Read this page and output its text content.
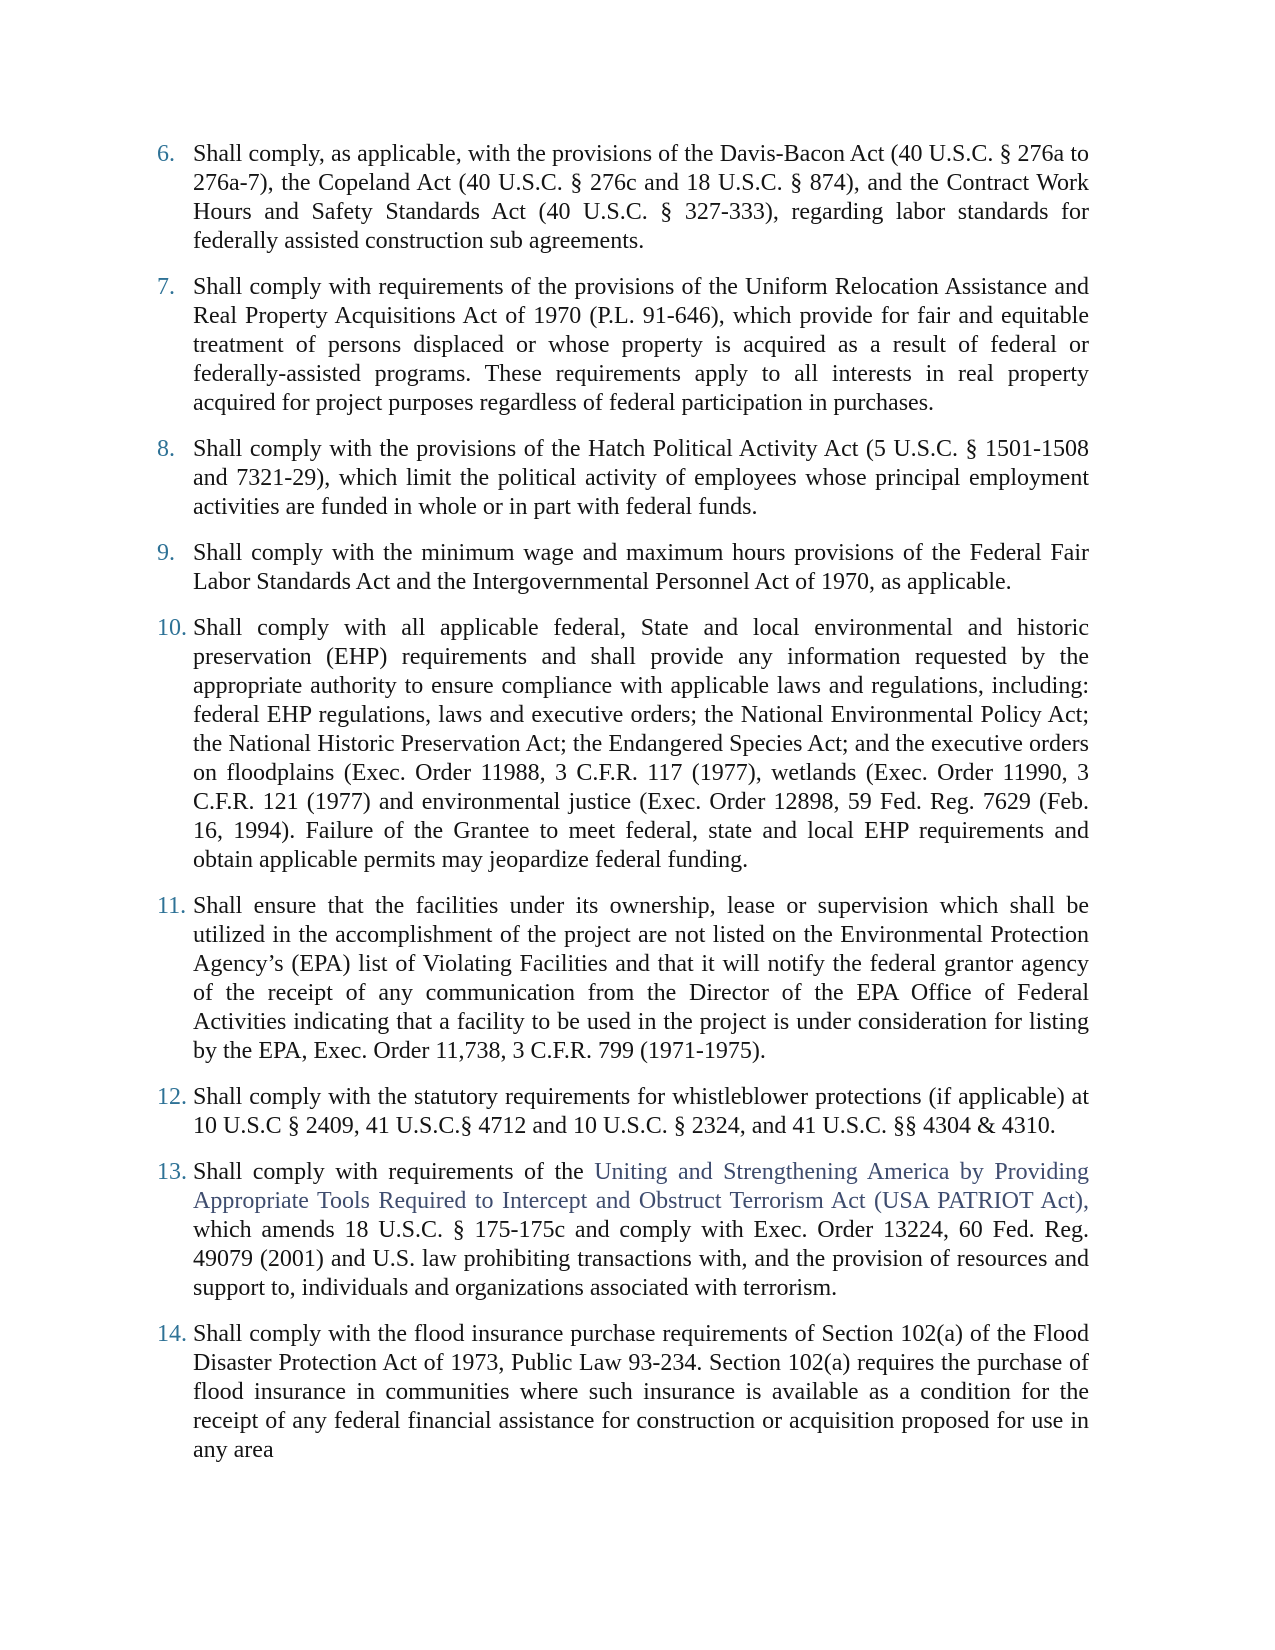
6. Shall comply, as applicable, with the provisions of the Davis-Bacon Act (40 U.S.C. § 276a to 276a-7), the Copeland Act (40 U.S.C. § 276c and 18 U.S.C. § 874), and the Contract Work Hours and Safety Standards Act (40 U.S.C. § 327-333), regarding labor standards for federally assisted construction sub agreements.
7. Shall comply with requirements of the provisions of the Uniform Relocation Assistance and Real Property Acquisitions Act of 1970 (P.L. 91-646), which provide for fair and equitable treatment of persons displaced or whose property is acquired as a result of federal or federally-assisted programs. These requirements apply to all interests in real property acquired for project purposes regardless of federal participation in purchases.
8. Shall comply with the provisions of the Hatch Political Activity Act (5 U.S.C. § 1501-1508 and 7321-29), which limit the political activity of employees whose principal employment activities are funded in whole or in part with federal funds.
9. Shall comply with the minimum wage and maximum hours provisions of the Federal Fair Labor Standards Act and the Intergovernmental Personnel Act of 1970, as applicable.
10. Shall comply with all applicable federal, State and local environmental and historic preservation (EHP) requirements and shall provide any information requested by the appropriate authority to ensure compliance with applicable laws and regulations, including: federal EHP regulations, laws and executive orders; the National Environmental Policy Act; the National Historic Preservation Act; the Endangered Species Act; and the executive orders on floodplains (Exec. Order 11988, 3 C.F.R. 117 (1977), wetlands (Exec. Order 11990, 3 C.F.R. 121 (1977) and environmental justice (Exec. Order 12898, 59 Fed. Reg. 7629 (Feb. 16, 1994). Failure of the Grantee to meet federal, state and local EHP requirements and obtain applicable permits may jeopardize federal funding.
11. Shall ensure that the facilities under its ownership, lease or supervision which shall be utilized in the accomplishment of the project are not listed on the Environmental Protection Agency’s (EPA) list of Violating Facilities and that it will notify the federal grantor agency of the receipt of any communication from the Director of the EPA Office of Federal Activities indicating that a facility to be used in the project is under consideration for listing by the EPA, Exec. Order 11,738, 3 C.F.R. 799 (1971-1975).
12. Shall comply with the statutory requirements for whistleblower protections (if applicable) at 10 U.S.C § 2409, 41 U.S.C.§ 4712 and 10 U.S.C. § 2324, and 41 U.S.C. §§ 4304 & 4310.
13. Shall comply with requirements of the Uniting and Strengthening America by Providing Appropriate Tools Required to Intercept and Obstruct Terrorism Act (USA PATRIOT Act), which amends 18 U.S.C. § 175-175c and comply with Exec. Order 13224, 60 Fed. Reg. 49079 (2001) and U.S. law prohibiting transactions with, and the provision of resources and support to, individuals and organizations associated with terrorism.
14. Shall comply with the flood insurance purchase requirements of Section 102(a) of the Flood Disaster Protection Act of 1973, Public Law 93-234. Section 102(a) requires the purchase of flood insurance in communities where such insurance is available as a condition for the receipt of any federal financial assistance for construction or acquisition proposed for use in any area
